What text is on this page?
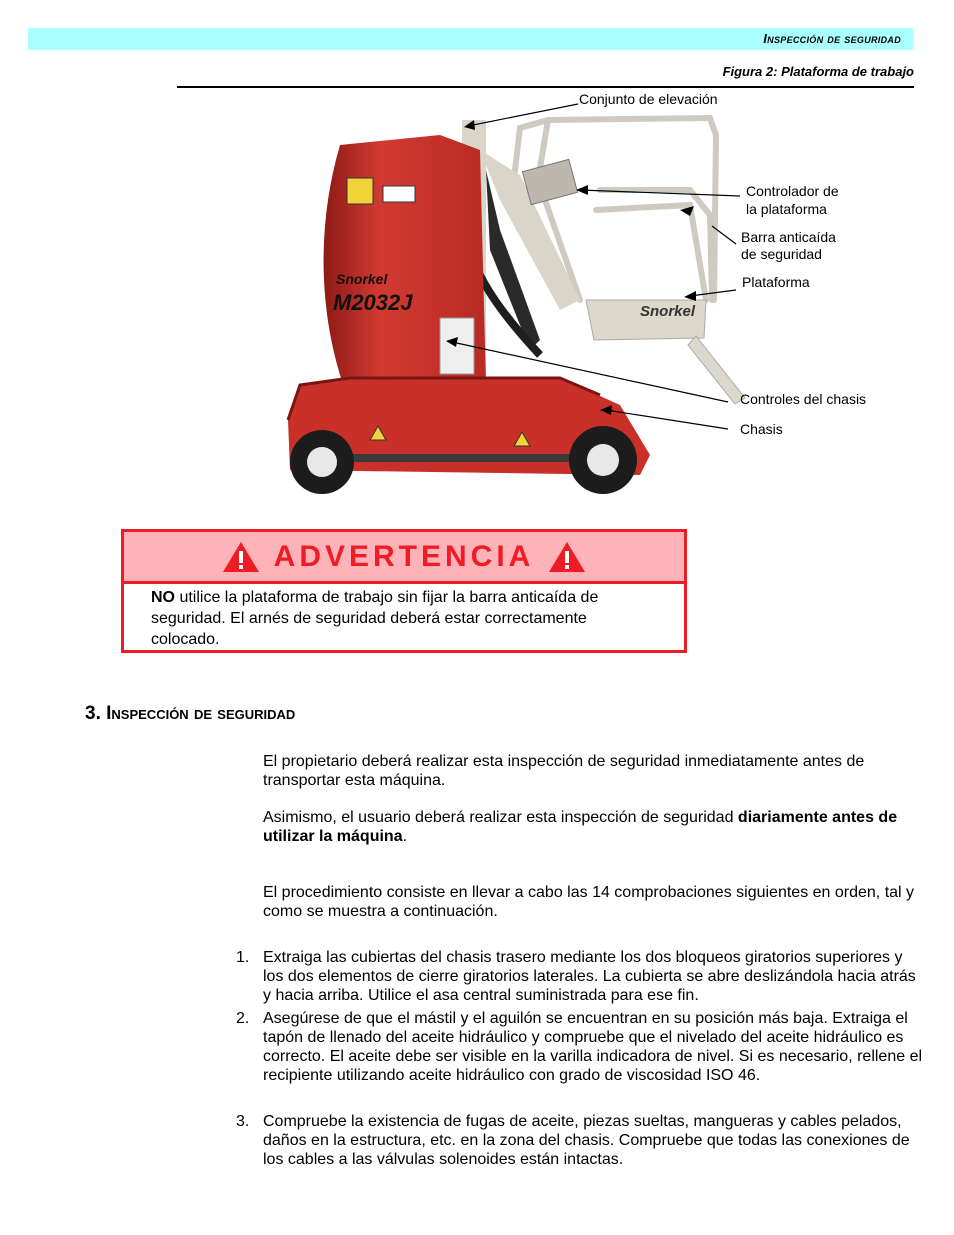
Inspección de seguridad
Figura 2: Plataforma de trabajo
Snorkel
Snorkel
M2032J
Conjunto de elevación
Controlador de
la plataforma
Barra anticaída
de seguridad
Plataforma
Controles del chasis
Chasis
ADVERTENCIA
NO utilice la plataforma de trabajo sin fijar la barra anticaída de seguridad. El arnés de seguridad deberá estar correctamente colocado.
3. Inspección de seguridad
El propietario deberá realizar esta inspección de seguridad inmediatamente antes de transportar esta máquina.
Asimismo, el usuario deberá realizar esta inspección de seguridad diariamente antes de utilizar la máquina.
El procedimiento consiste en llevar a cabo las 14 comprobaciones siguientes en orden, tal y como se muestra a continuación.
1. Extraiga las cubiertas del chasis trasero mediante los dos bloqueos giratorios superiores y los dos elementos de cierre giratorios laterales. La cubierta se abre deslizándola hacia atrás y hacia arriba. Utilice el asa central suministrada para ese fin.
2. Asegúrese de que el mástil y el aguilón se encuentran en su posición más baja. Extraiga el tapón de llenado del aceite hidráulico y compruebe que el nivelado del aceite hidráulico es correcto. El aceite debe ser visible en la varilla indicadora de nivel. Si es necesario, rellene el recipiente utilizando aceite hidráulico con grado de viscosidad ISO 46.
3. Compruebe la existencia de fugas de aceite, piezas sueltas, mangueras y cables pelados, daños en la estructura, etc. en la zona del chasis. Compruebe que todas las conexiones de los cables a las válvulas solenoides están intactas.
